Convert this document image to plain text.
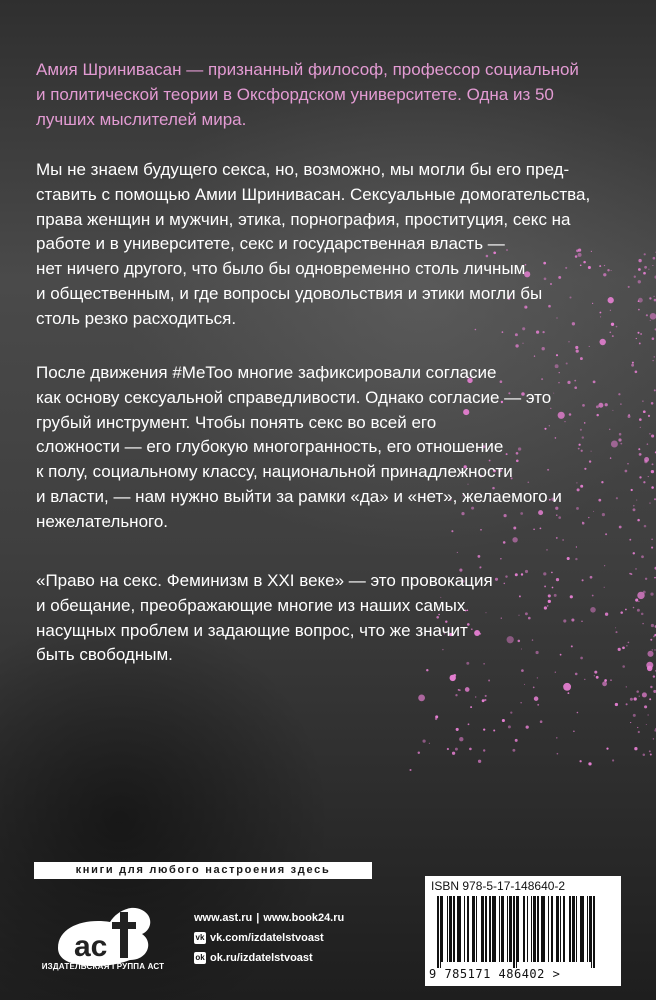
Амия Шринивасан — признанный философ, профессор социальной
и политической теории в Оксфордском университете. Одна из 50
лучших мыслителей мира.

Мы не знаем будущего секса, но, возможно, мы могли бы его пред-
ставить с помощью Амии Шринивасан. Сексуальные домогательства,
права женщин и мужчин, этика, порнография, проституция, секс на
работе и в университете, секс и государственная власть —
нет ничего другого, что было бы одновременно столь личным
и общественным, и где вопросы удовольствия и этики могли бы
столь резко расходиться.

После движения #MeToo многие зафиксировали согласие
как основу сексуальной справедливости. Однако согласие — это
грубый инструмент. Чтобы понять секс во всей его
сложности — его глубокую многогранность, его отношение
к полу, социальному классу, национальной принадлежности
и власти, — нам нужно выйти за рамки «да» и «нет», желаемого и
нежелательного.

«Право на секс. Феминизм в XXI веке» — это провокация
и обещание, преображающие многие из наших самых
насущных проблем и задающие вопрос, что же значит
быть свободным.

книги для любого настроения здесь
ac
ИЗДАТЕЛЬСКАЯ ГРУППА АСТ
www.ast.ru | www.book24.ru
vk vk.com/izdatelstvoast
ok ok.ru/izdatelstvoast
ISBN 978-5-17-148640-2
9 785171 486402 >
